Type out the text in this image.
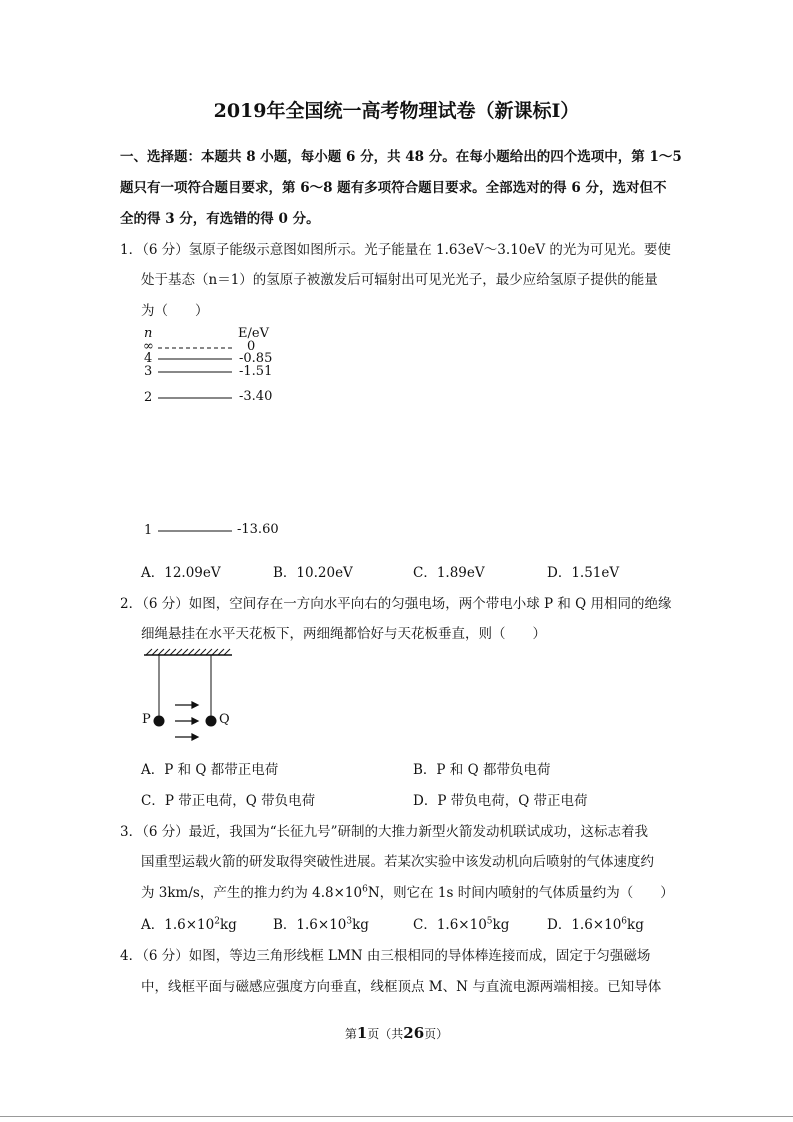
2019年全国统一高考物理试卷（新课标Ⅰ）
一、选择题：本题共 8 小题，每小题 6 分，共 48 分。在每小题给出的四个选项中，第 1～5
题只有一项符合题目要求，第 6～8 题有多项符合题目要求。全部选对的得 6 分，选对但不
全的得 3 分，有选错的得 0 分。
1．（6 分）氢原子能级示意图如图所示。光子能量在 1.63eV～3.10eV 的光为可见光。要使
处于基态（n＝1）的氢原子被激发后可辐射出可见光光子，最少应给氢原子提供的能量
为（　　）
n	E/eV
∞	0
4	-0.85
3	-1.51
2	-3.40
1	-13.60
A．12.09eV	B．10.20eV	C．1.89eV	D．1.51eV
2．（6 分）如图，空间存在一方向水平向右的匀强电场，两个带电小球 P 和 Q 用相同的绝缘
细绳悬挂在水平天花板下，两细绳都恰好与天花板垂直，则（　　）
P	Q
A．P 和 Q 都带正电荷	B．P 和 Q 都带负电荷
C．P 带正电荷，Q 带负电荷	D．P 带负电荷，Q 带正电荷
3．（6 分）最近，我国为“长征九号”研制的大推力新型火箭发动机联试成功，这标志着我
国重型运载火箭的研发取得突破性进展。若某次实验中该发动机向后喷射的气体速度约
为 3km/s，产生的推力约为 $4.8\times 10^6N$，则它在 1s 时间内喷射的气体质量约为（　　）
A．$1.6\times 10^2kg$	B．$1.6\times 10^3kg$	C．$1.6\times 10^5kg$	D．$1.6\times 10^6kg$
4．（6 分）如图，等边三角形线框 LMN 由三根相同的导体棒连接而成，固定于匀强磁场
中，线框平面与磁感应强度方向垂直，线框顶点 M、N 与直流电源两端相接。已知导体
第1页（共26页）
